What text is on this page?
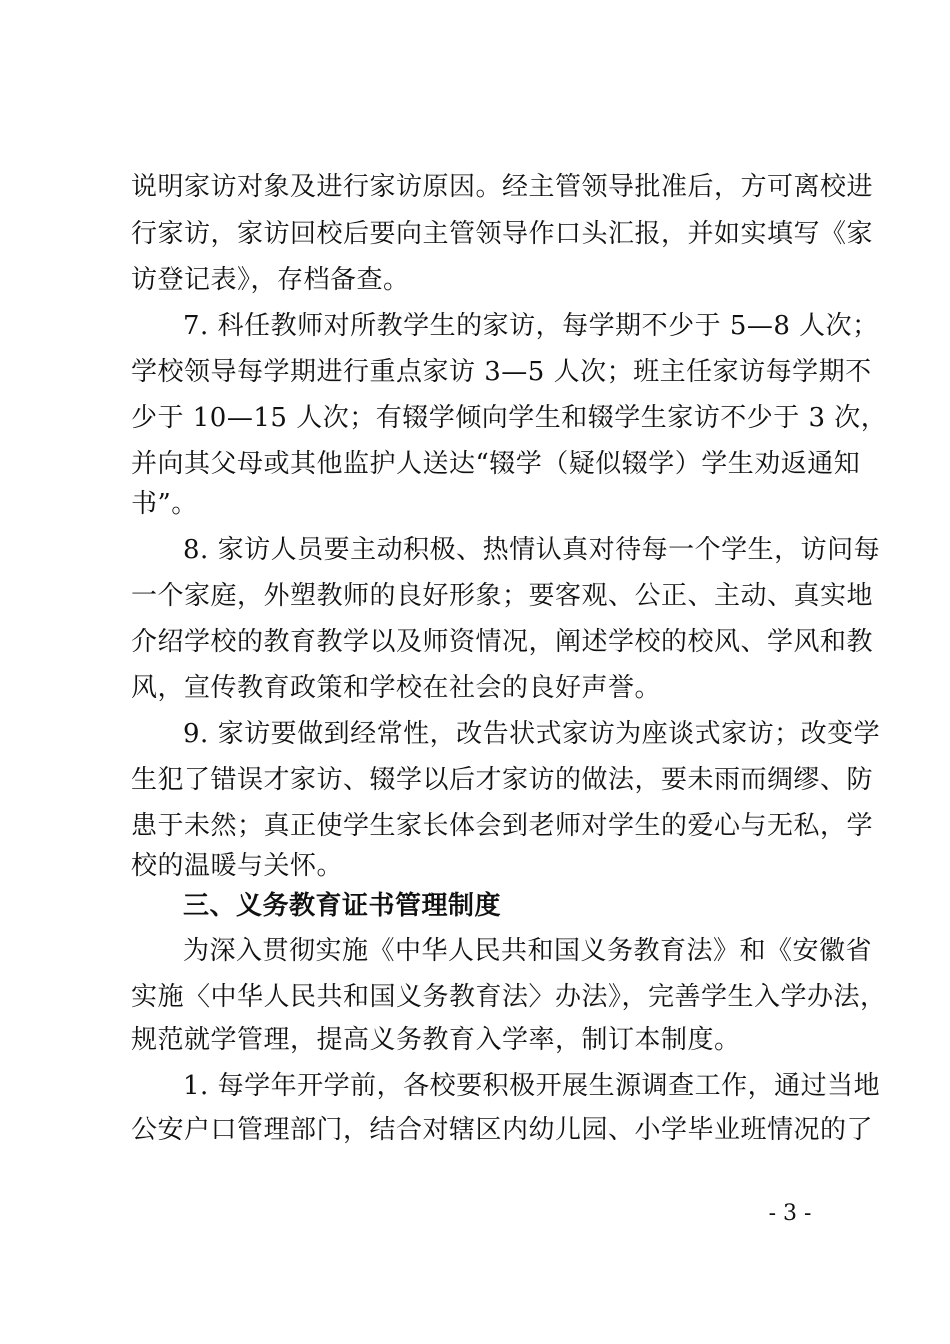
说明家访对象及进行家访原因。经主管领导批准后，方可离校进
行家访，家访回校后要向主管领导作口头汇报，并如实填写《家
访登记表》，存档备查。
7. 科任教师对所教学生的家访，每学期不少于 5—8 人次；
学校领导每学期进行重点家访 3—5 人次；班主任家访每学期不
少于 10—15 人次；有辍学倾向学生和辍学生家访不少于 3 次，
并向其父母或其他监护人送达“辍学（疑似辍学）学生劝返通知
书”。
8. 家访人员要主动积极、热情认真对待每一个学生，访问每
一个家庭，外塑教师的良好形象；要客观、公正、主动、真实地
介绍学校的教育教学以及师资情况，阐述学校的校风、学风和教
风，宣传教育政策和学校在社会的良好声誉。
9. 家访要做到经常性，改告状式家访为座谈式家访；改变学
生犯了错误才家访、辍学以后才家访的做法，要未雨而绸缪、防
患于未然；真正使学生家长体会到老师对学生的爱心与无私，学
校的温暖与关怀。
三、义务教育证书管理制度
为深入贯彻实施《中华人民共和国义务教育法》和《安徽省
实施〈中华人民共和国义务教育法〉办法》，完善学生入学办法，
规范就学管理，提高义务教育入学率，制订本制度。
1. 每学年开学前，各校要积极开展生源调查工作，通过当地
公安户口管理部门，结合对辖区内幼儿园、小学毕业班情况的了
- 3 -
